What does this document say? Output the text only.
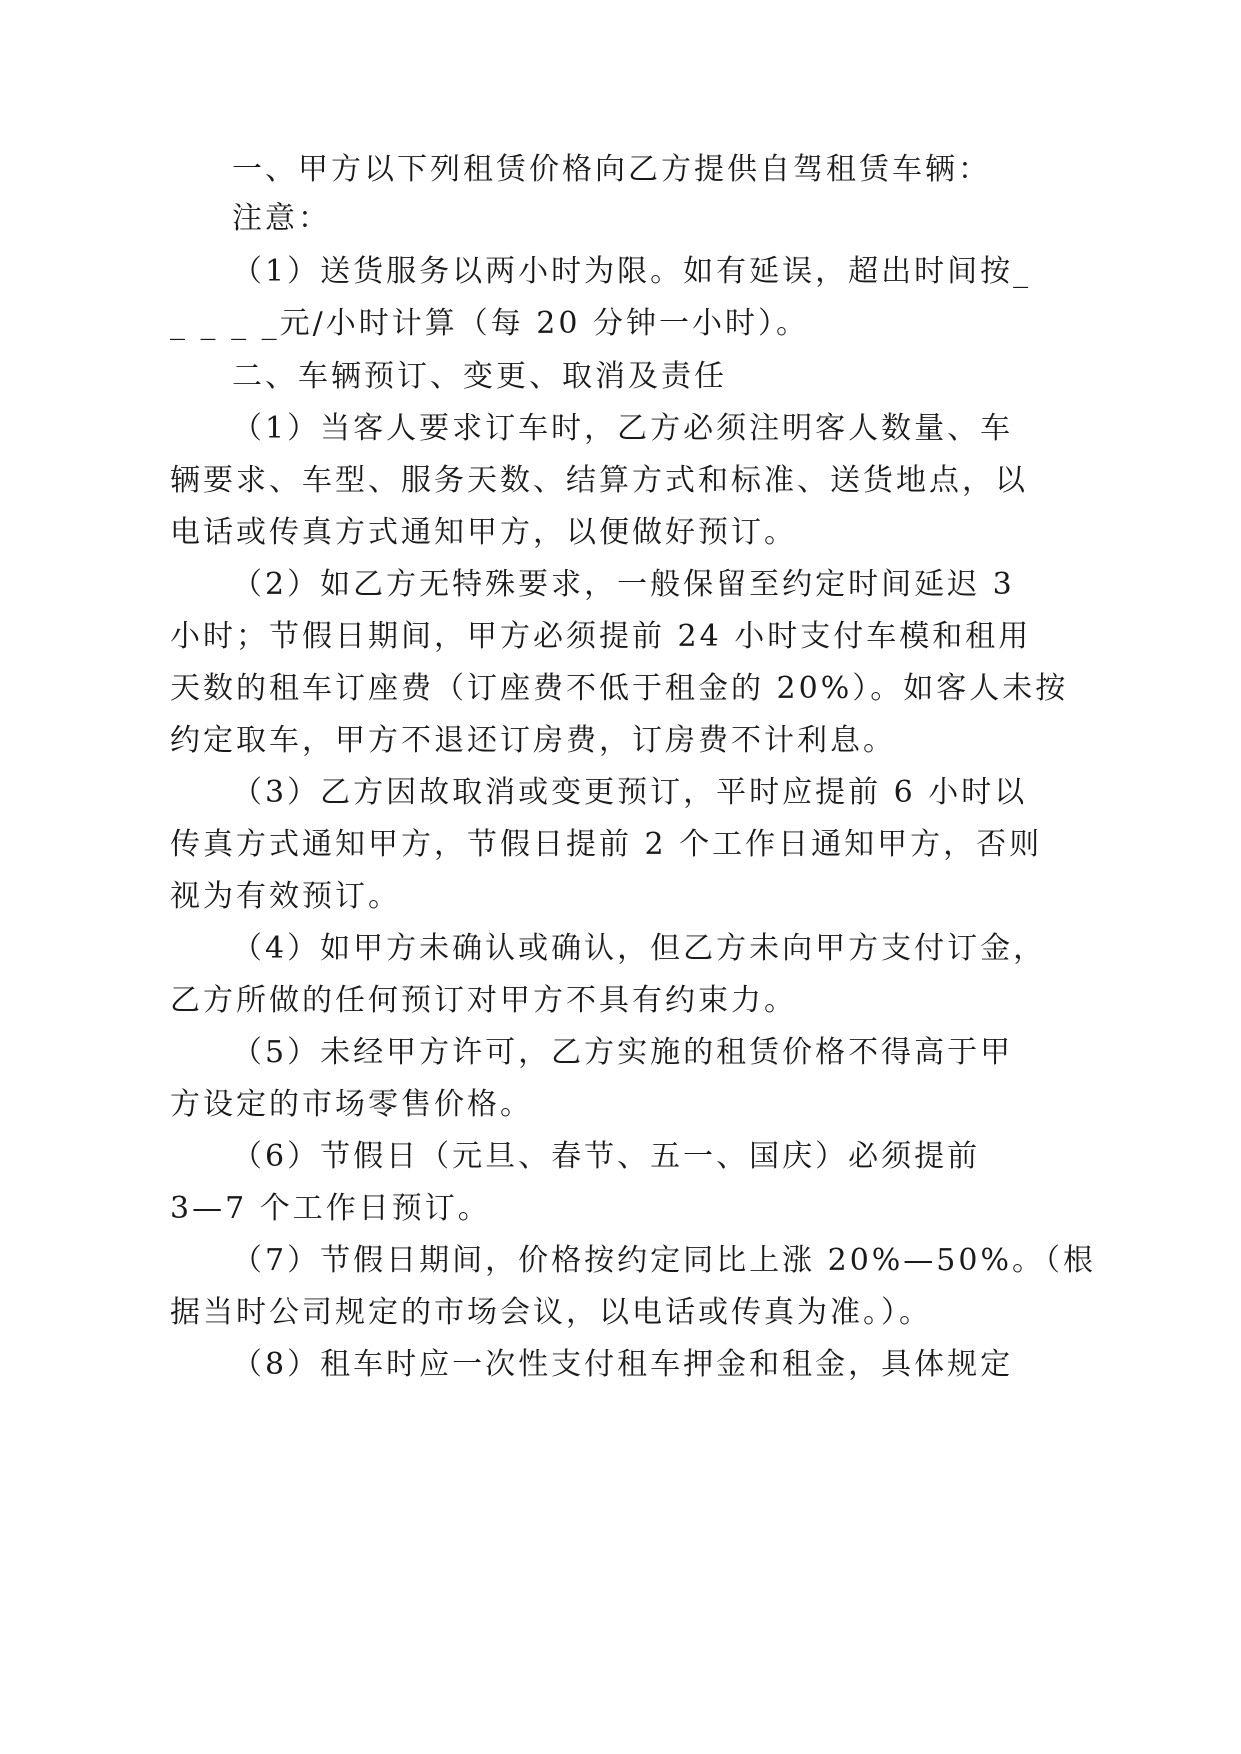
一、甲方以下列租赁价格向乙方提供自驾租赁车辆：
注意：
（1）送货服务以两小时为限。如有延误，超出时间按_
_ _ _ _元/小时计算（每 20 分钟一小时）。
二、车辆预订、变更、取消及责任
（1）当客人要求订车时，乙方必须注明客人数量、车
辆要求、车型、服务天数、结算方式和标准、送货地点，以
电话或传真方式通知甲方，以便做好预订。
（2）如乙方无特殊要求，一般保留至约定时间延迟 3
小时；节假日期间，甲方必须提前 24 小时支付车模和租用
天数的租车订座费（订座费不低于租金的 20%）。如客人未按
约定取车，甲方不退还订房费，订房费不计利息。
（3）乙方因故取消或变更预订，平时应提前 6 小时以
传真方式通知甲方，节假日提前 2 个工作日通知甲方，否则
视为有效预订。
（4）如甲方未确认或确认，但乙方未向甲方支付订金，
乙方所做的任何预订对甲方不具有约束力。
（5）未经甲方许可，乙方实施的租赁价格不得高于甲
方设定的市场零售价格。
（6）节假日（元旦、春节、五一、国庆）必须提前
3—7 个工作日预订。
（7）节假日期间，价格按约定同比上涨 20%—50%。（根
据当时公司规定的市场会议，以电话或传真为准。）。
（8）租车时应一次性支付租车押金和租金，具体规定
